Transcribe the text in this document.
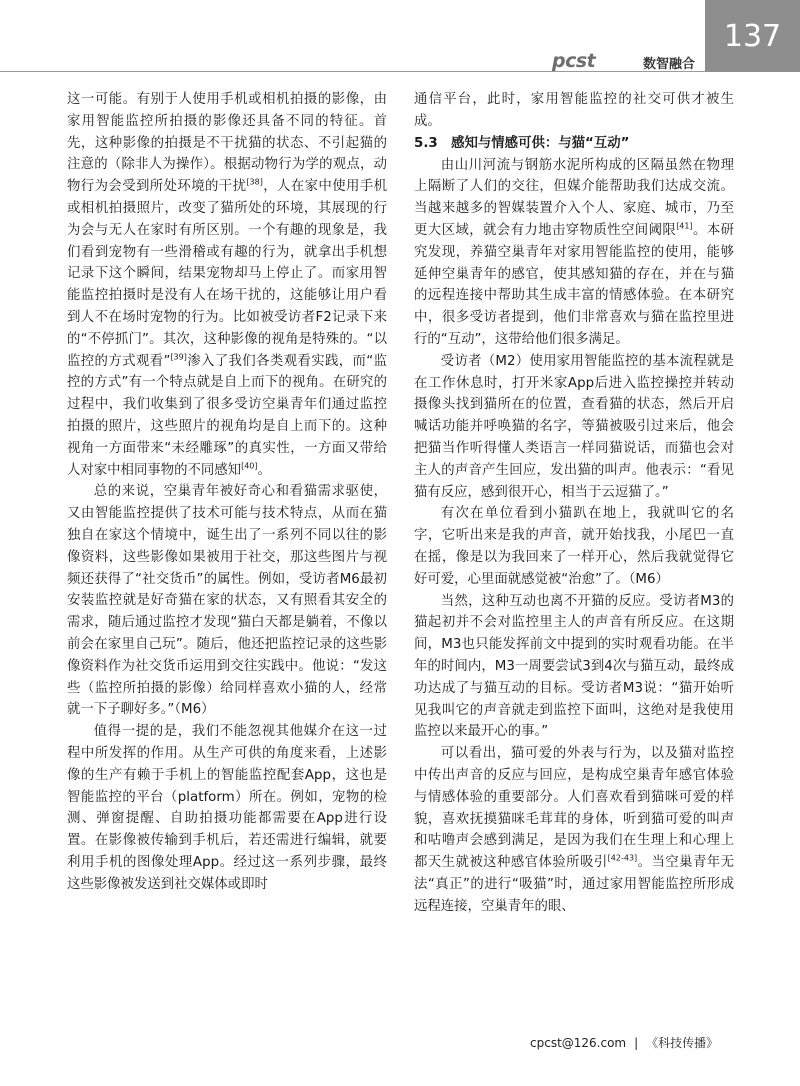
pcst	数智融合
137

这一可能。有别于人使用手机或相机拍摄的影像，由家用智能监控所拍摄的影像还具备不同的特征。首先，这种影像的拍摄是不干扰猫的状态、不引起猫的注意的（除非人为操作）。根据动物行为学的观点，动物行为会受到所处环境的干扰[38]，人在家中使用手机或相机拍摄照片，改变了猫所处的环境，其展现的行为会与无人在家时有所区别。一个有趣的现象是，我们看到宠物有一些滑稽或有趣的行为，就拿出手机想记录下这个瞬间，结果宠物却马上停止了。而家用智能监控拍摄时是没有人在场干扰的，这能够让用户看到人不在场时宠物的行为。比如被受访者F2记录下来的“不停抓门”。其次，这种影像的视角是特殊的。“以监控的方式观看”[39]渗入了我们各类观看实践，而“监控的方式”有一个特点就是自上而下的视角。在研究的过程中，我们收集到了很多受访空巢青年们通过监控拍摄的照片，这些照片的视角均是自上而下的。这种视角一方面带来“未经雕琢”的真实性，一方面又带给人对家中相同事物的不同感知[40]。

总的来说，空巢青年被好奇心和看猫需求驱使，又由智能监控提供了技术可能与技术特点，从而在猫独自在家这个情境中，诞生出了一系列不同以往的影像资料，这些影像如果被用于社交，那这些图片与视频还获得了“社交货币”的属性。例如，受访者M6最初安装监控就是好奇猫在家的状态，又有照看其安全的需求，随后通过监控才发现“猫白天都是躺着，不像以前会在家里自己玩”。随后，他还把监控记录的这些影像资料作为社交货币运用到交往实践中。他说：“发这些（监控所拍摄的影像）给同样喜欢小猫的人，经常就一下子聊好多。”（M6）

值得一提的是，我们不能忽视其他媒介在这一过程中所发挥的作用。从生产可供的角度来看，上述影像的生产有赖于手机上的智能监控配套App，这也是智能监控的平台（platform）所在。例如，宠物的检测、弹窗提醒、自助拍摄功能都需要在App进行设置。在影像被传输到手机后，若还需进行编辑，就要利用手机的图像处理App。经过这一系列步骤，最终这些影像被发送到社交媒体或即时

通信平台，此时，家用智能监控的社交可供才被生成。

5.3　感知与情感可供：与猫“互动”

由山川河流与钢筋水泥所构成的区隔虽然在物理上隔断了人们的交往，但媒介能帮助我们达成交流。当越来越多的智媒装置介入个人、家庭、城市，乃至更大区域，就会有力地击穿物质性空间阈限[41]。本研究发现，养猫空巢青年对家用智能监控的使用，能够延伸空巢青年的感官，使其感知猫的存在，并在与猫的远程连接中帮助其生成丰富的情感体验。在本研究中，很多受访者提到，他们非常喜欢与猫在监控里进行的“互动”，这带给他们很多满足。

受访者（M2）使用家用智能监控的基本流程就是在工作休息时，打开米家App后进入监控操控并转动摄像头找到猫所在的位置，查看猫的状态，然后开启喊话功能并呼唤猫的名字，等猫被吸引过来后，他会把猫当作听得懂人类语言一样同猫说话，而猫也会对主人的声音产生回应，发出猫的叫声。他表示：“看见猫有反应，感到很开心，相当于云逗猫了。”

有次在单位看到小猫趴在地上，我就叫它的名字，它听出来是我的声音，就开始找我，小尾巴一直在摇，像是以为我回来了一样开心，然后我就觉得它好可爱，心里面就感觉被“治愈”了。（M6）

当然，这种互动也离不开猫的反应。受访者M3的猫起初并不会对监控里主人的声音有所反应。在这期间，M3也只能发挥前文中提到的实时观看功能。在半年的时间内，M3一周要尝试3到4次与猫互动，最终成功达成了与猫互动的目标。受访者M3说：“猫开始听见我叫它的声音就走到监控下面叫，这绝对是我使用监控以来最开心的事。”

可以看出，猫可爱的外表与行为，以及猫对监控中传出声音的反应与回应，是构成空巢青年感官体验与情感体验的重要部分。人们喜欢看到猫咪可爱的样貌，喜欢抚摸猫咪毛茸茸的身体，听到猫可爱的叫声和咕噜声会感到满足，是因为我们在生理上和心理上都天生就被这种感官体验所吸引[42-43]。当空巢青年无法“真正”的进行“吸猫”时，通过家用智能监控所形成远程连接，空巢青年的眼、

cpcst@126.com | 《科技传播》
